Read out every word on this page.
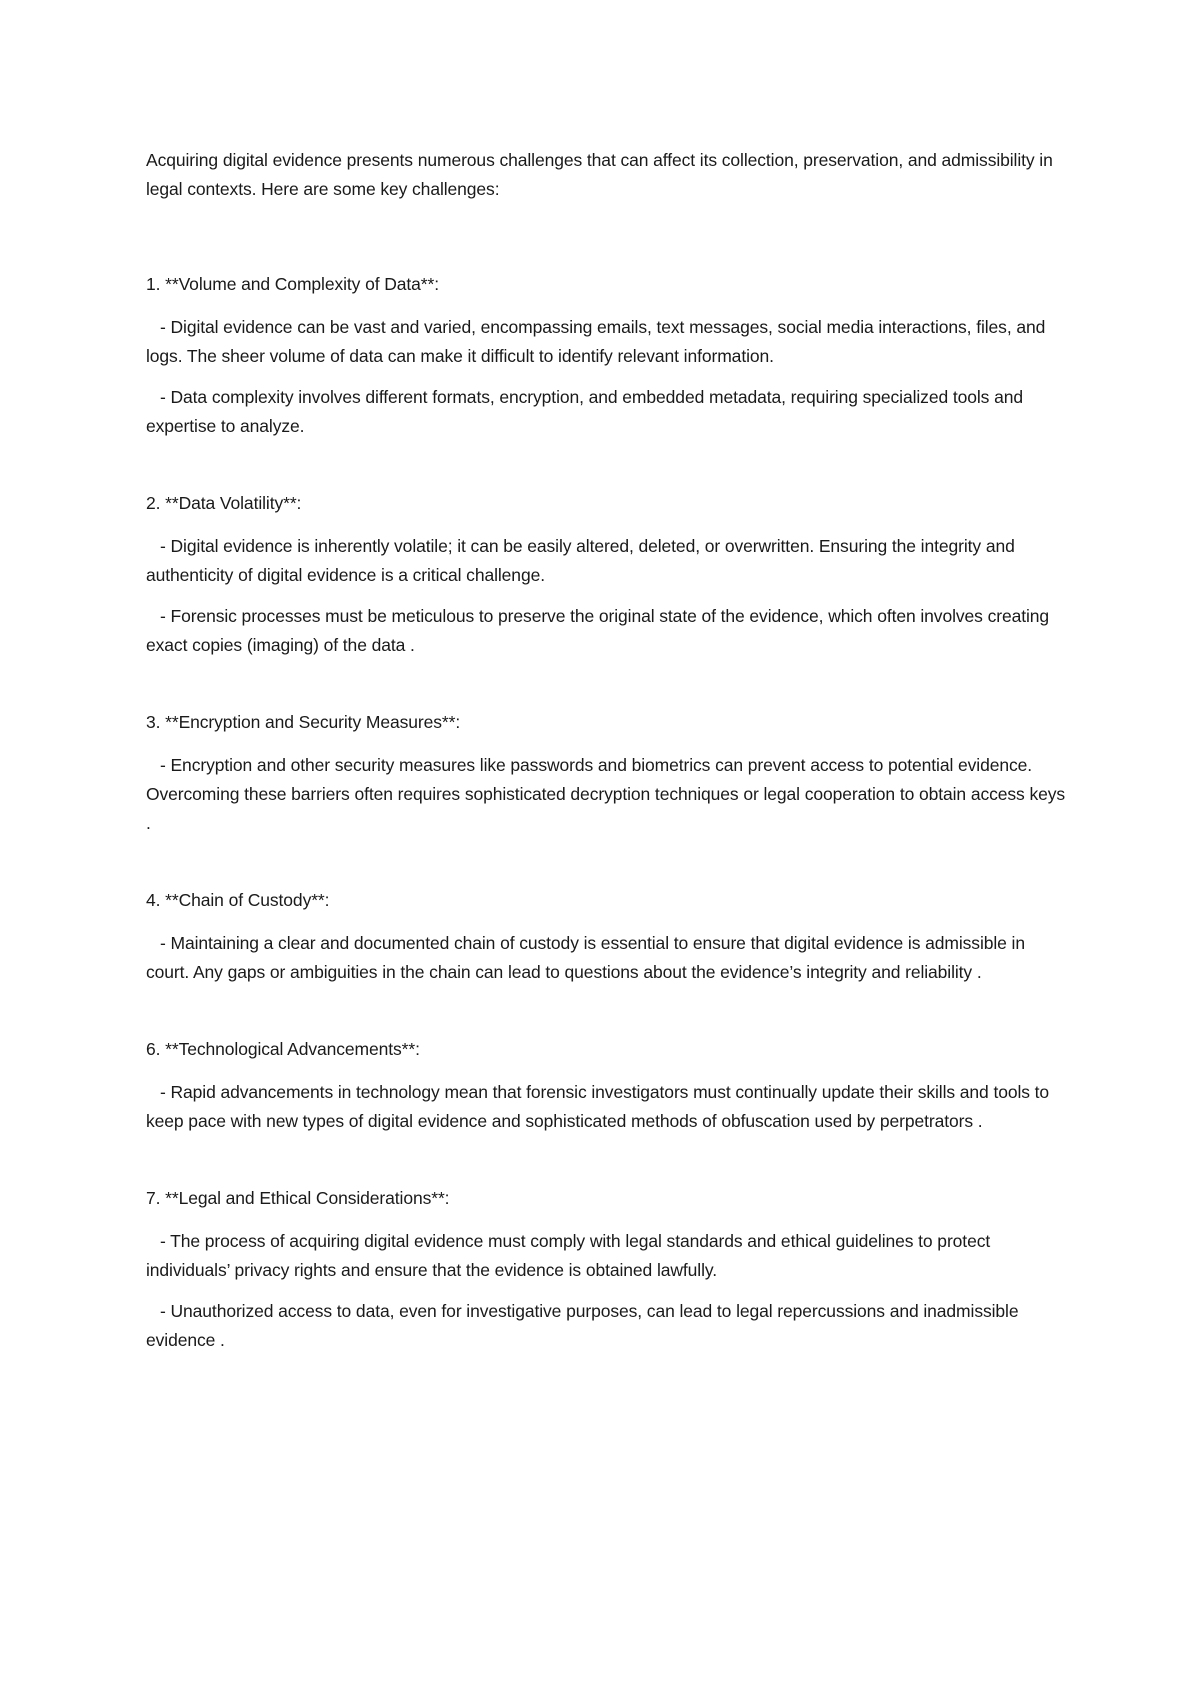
Acquiring digital evidence presents numerous challenges that can affect its collection, preservation, and admissibility in legal contexts. Here are some key challenges:

1. **Volume and Complexity of Data**:

- Digital evidence can be vast and varied, encompassing emails, text messages, social media interactions, files, and logs. The sheer volume of data can make it difficult to identify relevant information.

- Data complexity involves different formats, encryption, and embedded metadata, requiring specialized tools and expertise to analyze.

2. **Data Volatility**:

- Digital evidence is inherently volatile; it can be easily altered, deleted, or overwritten. Ensuring the integrity and authenticity of digital evidence is a critical challenge.

- Forensic processes must be meticulous to preserve the original state of the evidence, which often involves creating exact copies (imaging) of the data .

3. **Encryption and Security Measures**:

- Encryption and other security measures like passwords and biometrics can prevent access to potential evidence. Overcoming these barriers often requires sophisticated decryption techniques or legal cooperation to obtain access keys .

4. **Chain of Custody**:

- Maintaining a clear and documented chain of custody is essential to ensure that digital evidence is admissible in court. Any gaps or ambiguities in the chain can lead to questions about the evidence’s integrity and reliability .

6. **Technological Advancements**:

- Rapid advancements in technology mean that forensic investigators must continually update their skills and tools to keep pace with new types of digital evidence and sophisticated methods of obfuscation used by perpetrators .

7. **Legal and Ethical Considerations**:

- The process of acquiring digital evidence must comply with legal standards and ethical guidelines to protect individuals’ privacy rights and ensure that the evidence is obtained lawfully.

- Unauthorized access to data, even for investigative purposes, can lead to legal repercussions and inadmissible evidence .
